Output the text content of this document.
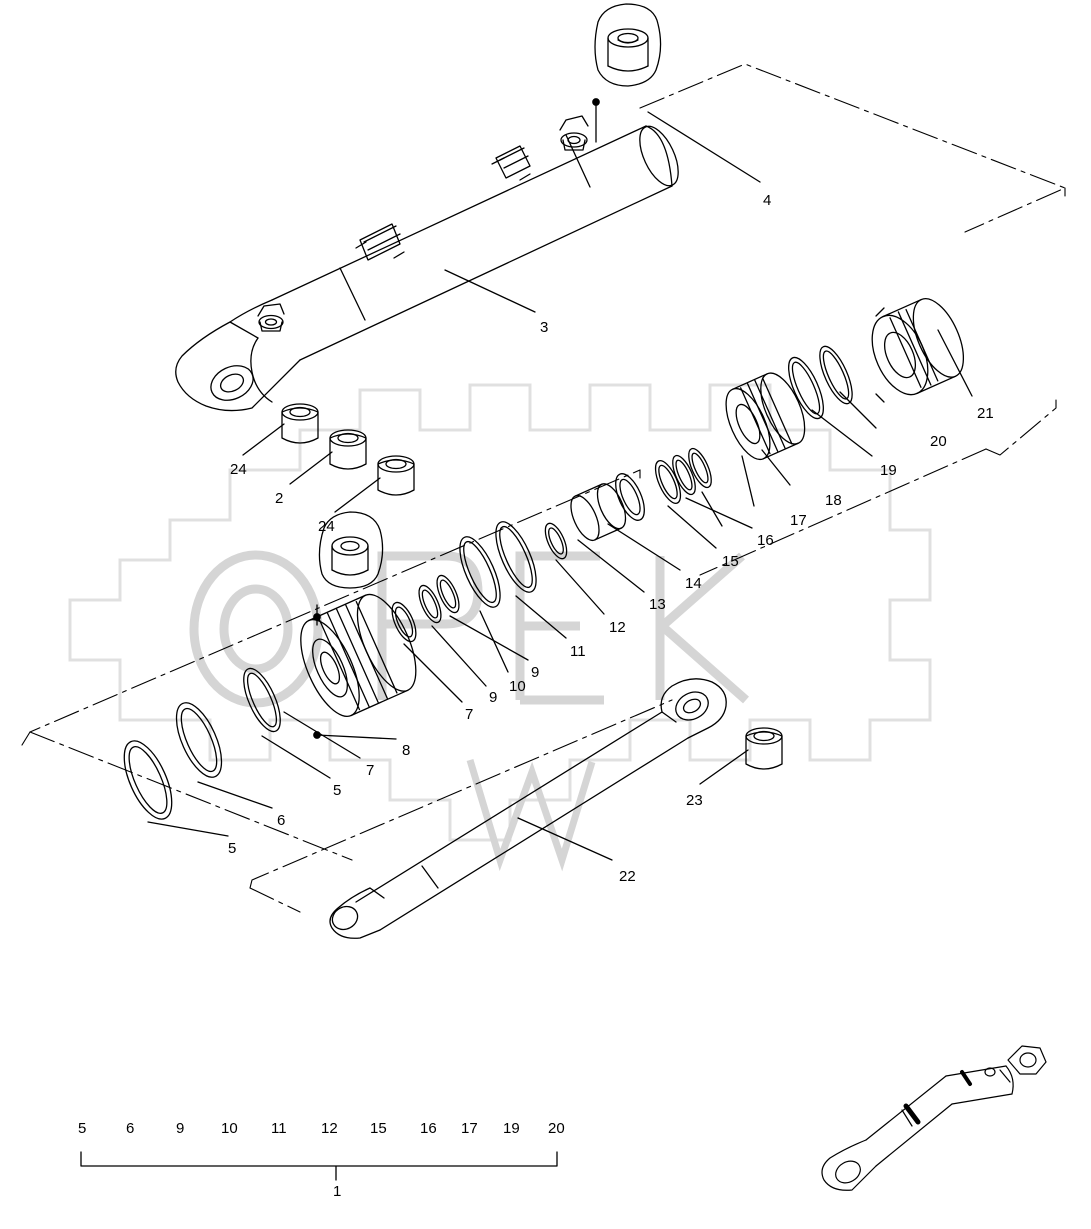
4
3
21
20
19
18
17
16
15
14
13
12
11
9
10
9
7
8
7
5
6
5
24
2
24
23
22
5	6	9 10 11 12 15 16 17 19 20
1
